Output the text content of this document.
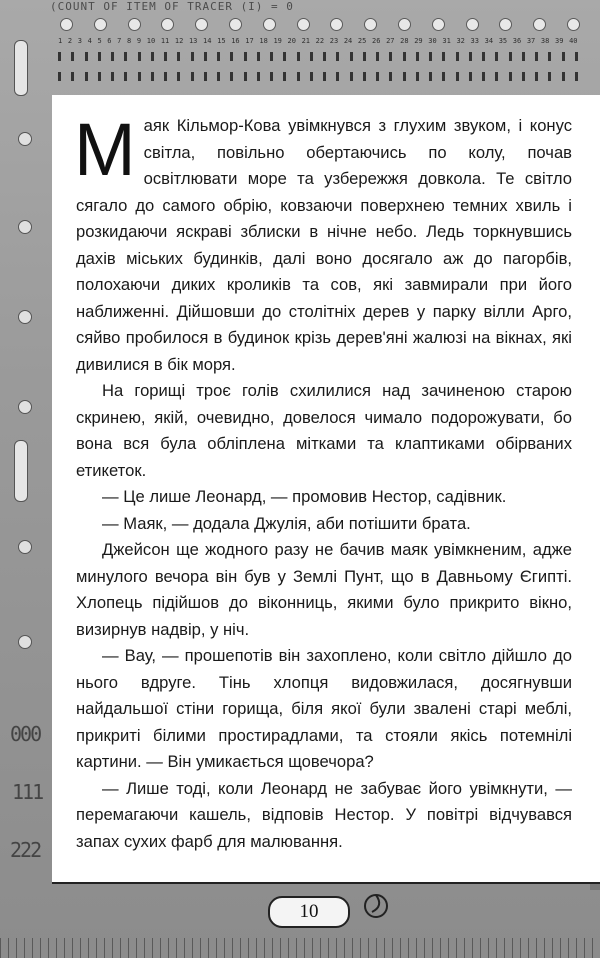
(COUNT OF ITEM OF TRACER (I) = 0
1 2 3 4 5 6 7 8 9 10 11 12 13 14 15 16 17 18 19 20 21 22 23 24 25 26 27 28 29 30 31 32 33 34 35 36 37 38 39 40
000
111
222

Маяк Кільмор-Кова увімкнувся з глухим звуком, і конус світла, повільно обертаючись по колу, почав освітлювати море та узбережжя довкола. Те світло сягало до самого обрію, ковзаючи поверхнею темних хвиль і розкидаючи яскраві зблиски в нічне небо. Ледь торкнувшись дахів міських будинків, далі воно досягало аж до пагорбів, полохаючи диких кроликів та сов, які завмирали при його наближенні. Дійшовши до столітніх дерев у парку вілли Арго, сяйво пробилося в будинок крізь дерев'яні жалюзі на вікнах, які дивилися в бік моря.

На горищі троє голів схилилися над зачиненою старою скринею, якій, очевидно, довелося чимало подорожувати, бо вона вся була обліплена мітками та клаптиками обірваних етикеток.

— Це лише Леонард, — промовив Нестор, садівник.

— Маяк, — додала Джулія, аби потішити брата.

Джейсон ще жодного разу не бачив маяк увімкненим, адже минулого вечора він був у Землі Пунт, що в Давньому Єгипті. Хлопець підійшов до віконниць, якими було прикрито вікно, визирнув надвір, у ніч.

— Вау, — прошепотів він захоплено, коли світло дійшло до нього вдруге. Тінь хлопця видовжилася, досягнувши найдальшої стіни горища, біля якої були звалені старі меблі, прикриті білими простирадлами, та стояли якісь потемнілі картини. — Він умикається щовечора?

— Лише тоді, коли Леонард не забуває його увімкнути, — перемагаючи кашель, відповів Нестор. У повітрі відчувався запах сухих фарб для малювання.

10
